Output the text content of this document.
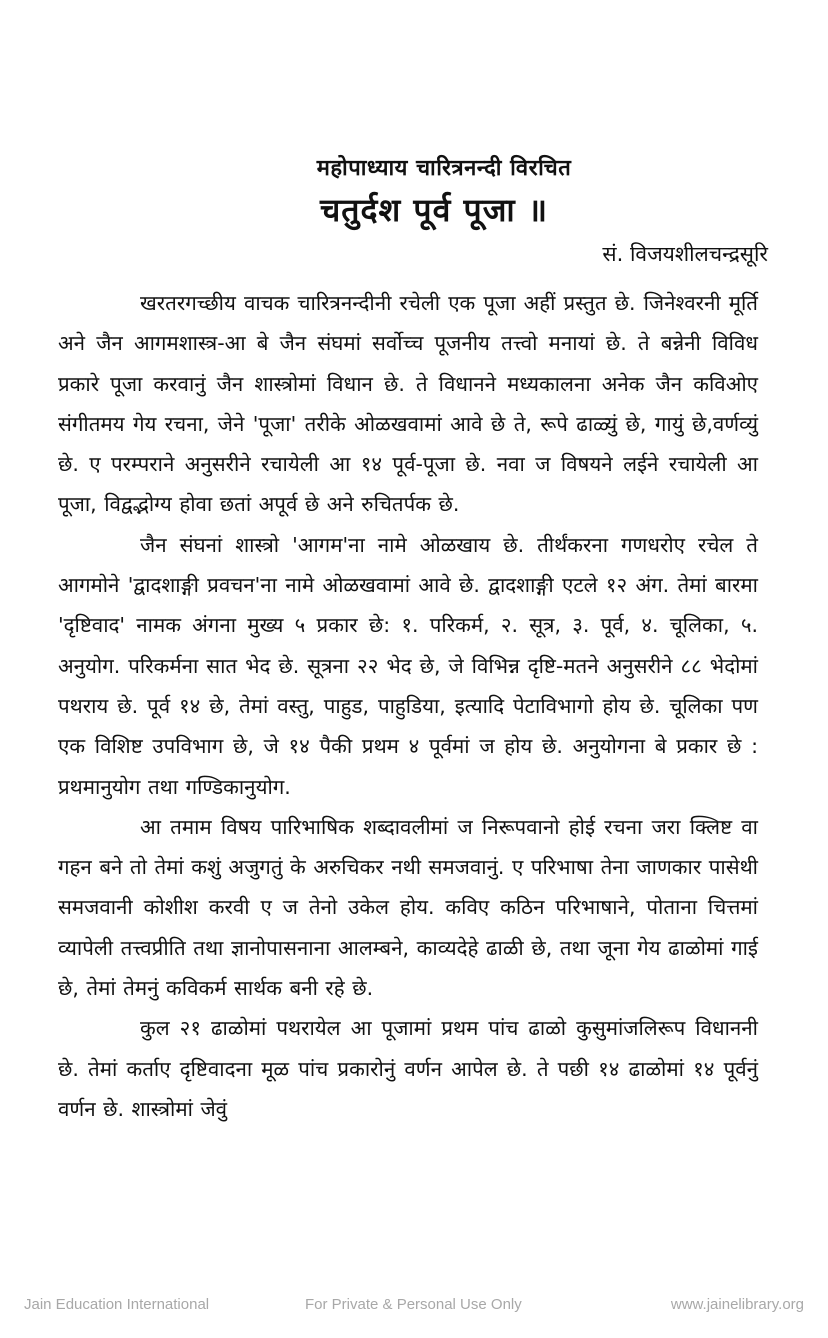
महोपाध्याय चारित्रनन्दी विरचित
चतुर्दश पूर्व पूजा ॥
सं. विजयशीलचन्द्रसूरि

खरतरगच्छीय वाचक चारित्रनन्दीनी रचेली एक पूजा अहीं प्रस्तुत छे. जिनेश्वरनी मूर्ति अने जैन आगमशास्त्र-आ बे जैन संघमां सर्वोच्च पूजनीय तत्त्वो मनायां छे. ते बन्नेनी विविध प्रकारे पूजा करवानुं जैन शास्त्रोमां विधान छे. ते विधानने मध्यकालना अनेक जैन कविओए संगीतमय गेय रचना, जेने 'पूजा' तरीके ओळखवामां आवे छे ते, रूपे ढाळ्युं छे, गायुं छे,वर्णव्युं छे. ए परम्पराने अनुसरीने रचायेली आ १४ पूर्व-पूजा छे. नवा ज विषयने लईने रचायेली आ पूजा, विद्वद्भोग्य होवा छतां अपूर्व छे अने रुचितर्पक छे.

जैन संघनां शास्त्रो 'आगम'ना नामे ओळखाय छे. तीर्थंकरना गणधरोए रचेल ते आगमोने 'द्वादशाङ्गी प्रवचन'ना नामे ओळखवामां आवे छे. द्वादशाङ्गी एटले १२ अंग. तेमां बारमा 'दृष्टिवाद' नामक अंगना मुख्य ५ प्रकार छे: १. परिकर्म, २. सूत्र, ३. पूर्व, ४. चूलिका, ५. अनुयोग. परिकर्मना सात भेद छे. सूत्रना २२ भेद छे, जे विभिन्न दृष्टि-मतने अनुसरीने ८८ भेदोमां पथराय छे. पूर्व १४ छे, तेमां वस्तु, पाहुड, पाहुडिया, इत्यादि पेटाविभागो होय छे. चूलिका पण एक विशिष्ट उपविभाग छे, जे १४ पैकी प्रथम ४ पूर्वमां ज होय छे. अनुयोगना बे प्रकार छे : प्रथमानुयोग तथा गण्डिकानुयोग.

आ तमाम विषय पारिभाषिक शब्दावलीमां ज निरूपवानो होई रचना जरा क्लिष्ट वा गहन बने तो तेमां कशुं अजुगतुं के अरुचिकर नथी समजवानुं. ए परिभाषा तेना जाणकार पासेथी समजवानी कोशीश करवी ए ज तेनो उकेल होय. कविए कठिन परिभाषाने, पोताना चित्तमां व्यापेली तत्त्वप्रीति तथा ज्ञानोपासनाना आलम्बने, काव्यदेहे ढाळी छे, तथा जूना गेय ढाळोमां गाई छे, तेमां तेमनुं कविकर्म सार्थक बनी रहे छे.

कुल २१ ढाळोमां पथरायेल आ पूजामां प्रथम पांच ढाळो कुसुमांजलिरूप विधाननी छे. तेमां कर्ताए दृष्टिवादना मूळ पांच प्रकारोनुं वर्णन आपेल छे. ते पछी १४ ढाळोमां १४ पूर्वनुं वर्णन छे. शास्त्रोमां जेवुं

Jain Education International	For Private & Personal Use Only	www.jainelibrary.org
